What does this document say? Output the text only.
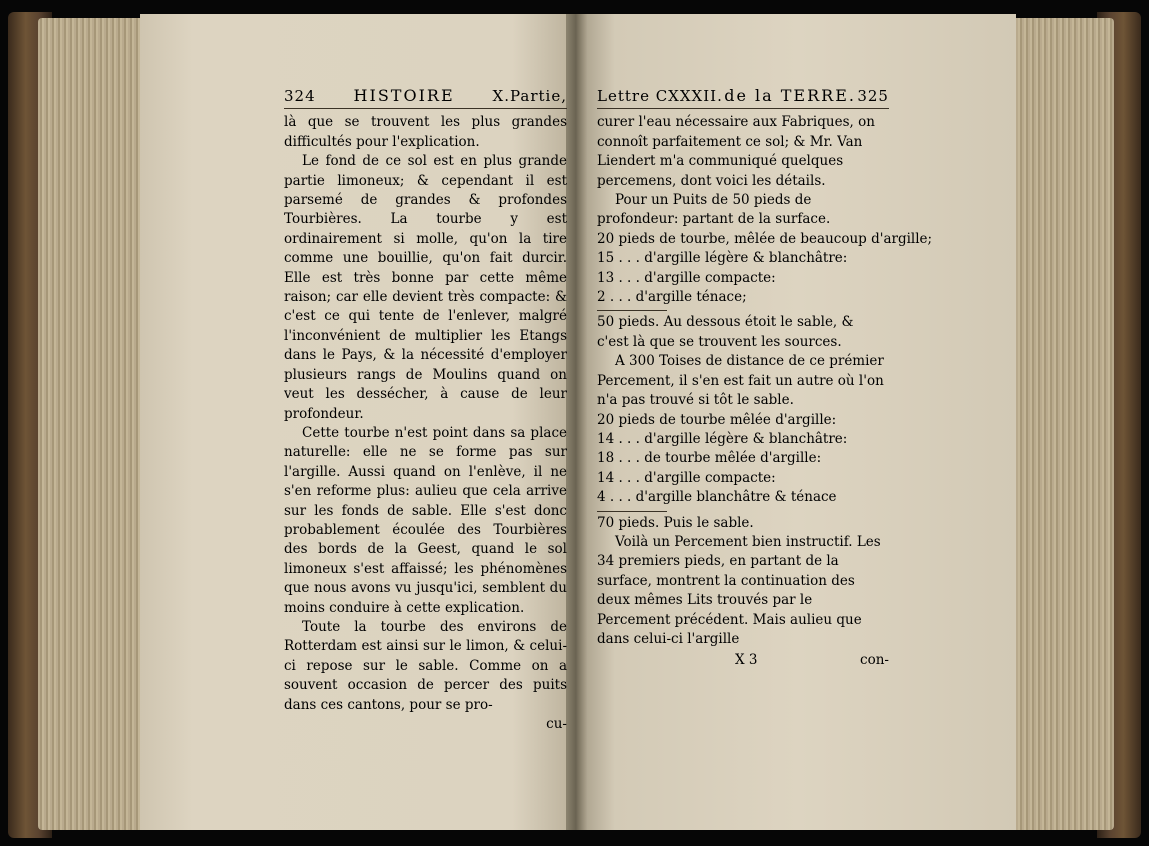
324 HISTOIRE	X.Partie,

là que se trouvent les plus grandes difficultés pour l'explication.

Le fond de ce sol est en plus grande partie limoneux; & cependant il est parsemé de grandes & profondes Tourbières. La tourbe y est ordinairement si molle, qu'on la tire comme une bouillie, qu'on fait durcir. Elle est très bonne par cette même raison; car elle devient très compacte: & c'est ce qui tente de l'enlever, malgré l'inconvénient de multiplier les Etangs dans le Pays, & la nécessité d'employer plusieurs rangs de Moulins quand on veut les dessécher, à cause de leur profondeur.

Cette tourbe n'est point dans sa place naturelle: elle ne se forme pas sur l'argille. Aussi quand on l'enlève, il ne s'en reforme plus: aulieu que cela arrive sur les fonds de sable. Elle s'est donc probablement écoulée des Tourbières des bords de la Geest, quand le sol limoneux s'est affaissé; les phénomènes que nous avons vu jusqu'ici, semblent du moins conduire à cette explication.

Toute la tourbe des environs de Rotterdam est ainsi sur le limon, & celui-ci repose sur le sable. Comme on a souvent occasion de percer des puits dans ces cantons, pour se pro-

cu-
Lettre CXXXII. de la TERRE. 325

curer l'eau nécessaire aux Fabriques, on connoît parfaitement ce sol; & Mr. Van Liendert m'a communiqué quelques percemens, dont voici les détails.

Pour un Puits de 50 pieds de profondeur: partant de la surface.

20 pieds de tourbe, mêlée de beaucoup d'argille;
15 . . . d'argille légère & blanchâtre:
13 . . . d'argille compacte:
2 . . . d'argille ténace;

50 pieds. Au dessous étoit le sable, & c'est là que se trouvent les sources.

A 300 Toises de distance de ce prémier Percement, il s'en est fait un autre où l'on n'a pas trouvé si tôt le sable.

20 pieds de tourbe mêlée d'argille:
14 . . . d'argille légère & blanchâtre:
18 . . . de tourbe mêlée d'argille:
14 . . . d'argille compacte:
4 . . . d'argille blanchâtre & ténace

70 pieds. Puis le sable.

Voilà un Percement bien instructif. Les 34 premiers pieds, en partant de la surface, montrent la continuation des deux mêmes Lits trouvés par le Percement précédent. Mais aulieu que dans celui-ci l'argille

X 3	con-
